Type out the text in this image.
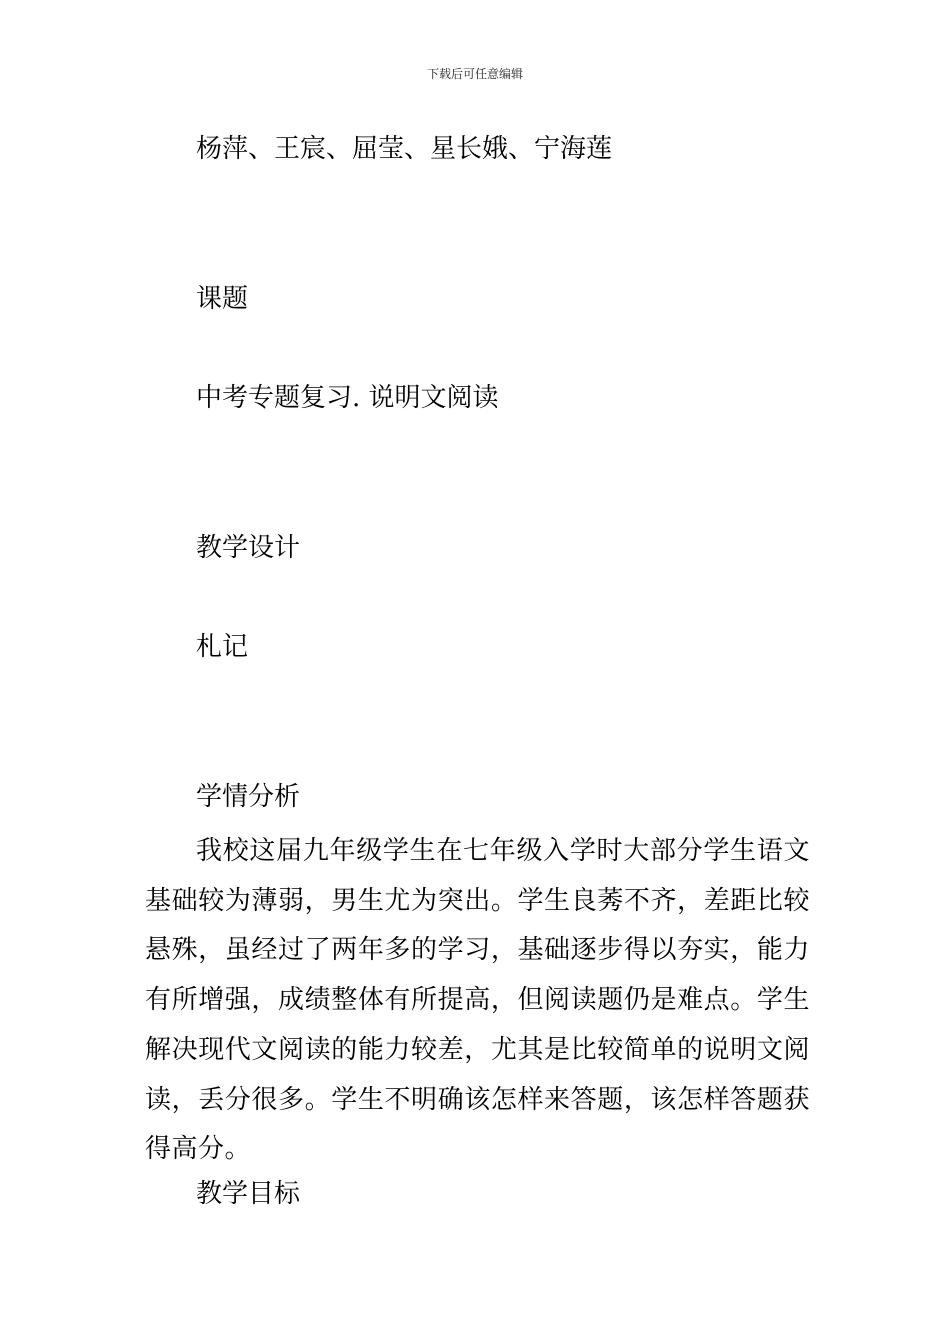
下载后可任意编辑
杨萍、王宸、屈莹、星长娥、宁海莲
课题
中考专题复习. 说明文阅读
教学设计
札记
学情分析

我校这届九年级学生在七年级入学时大部分学生语文基础较为薄弱，男生尤为突出。学生良莠不齐，差距比较悬殊，虽经过了两年多的学习，基础逐步得以夯实，能力有所增强，成绩整体有所提高，但阅读题仍是难点。学生解决现代文阅读的能力较差，尤其是比较简单的说明文阅读，丢分很多。学生不明确该怎样来答题，该怎样答题获得高分。

教学目标
